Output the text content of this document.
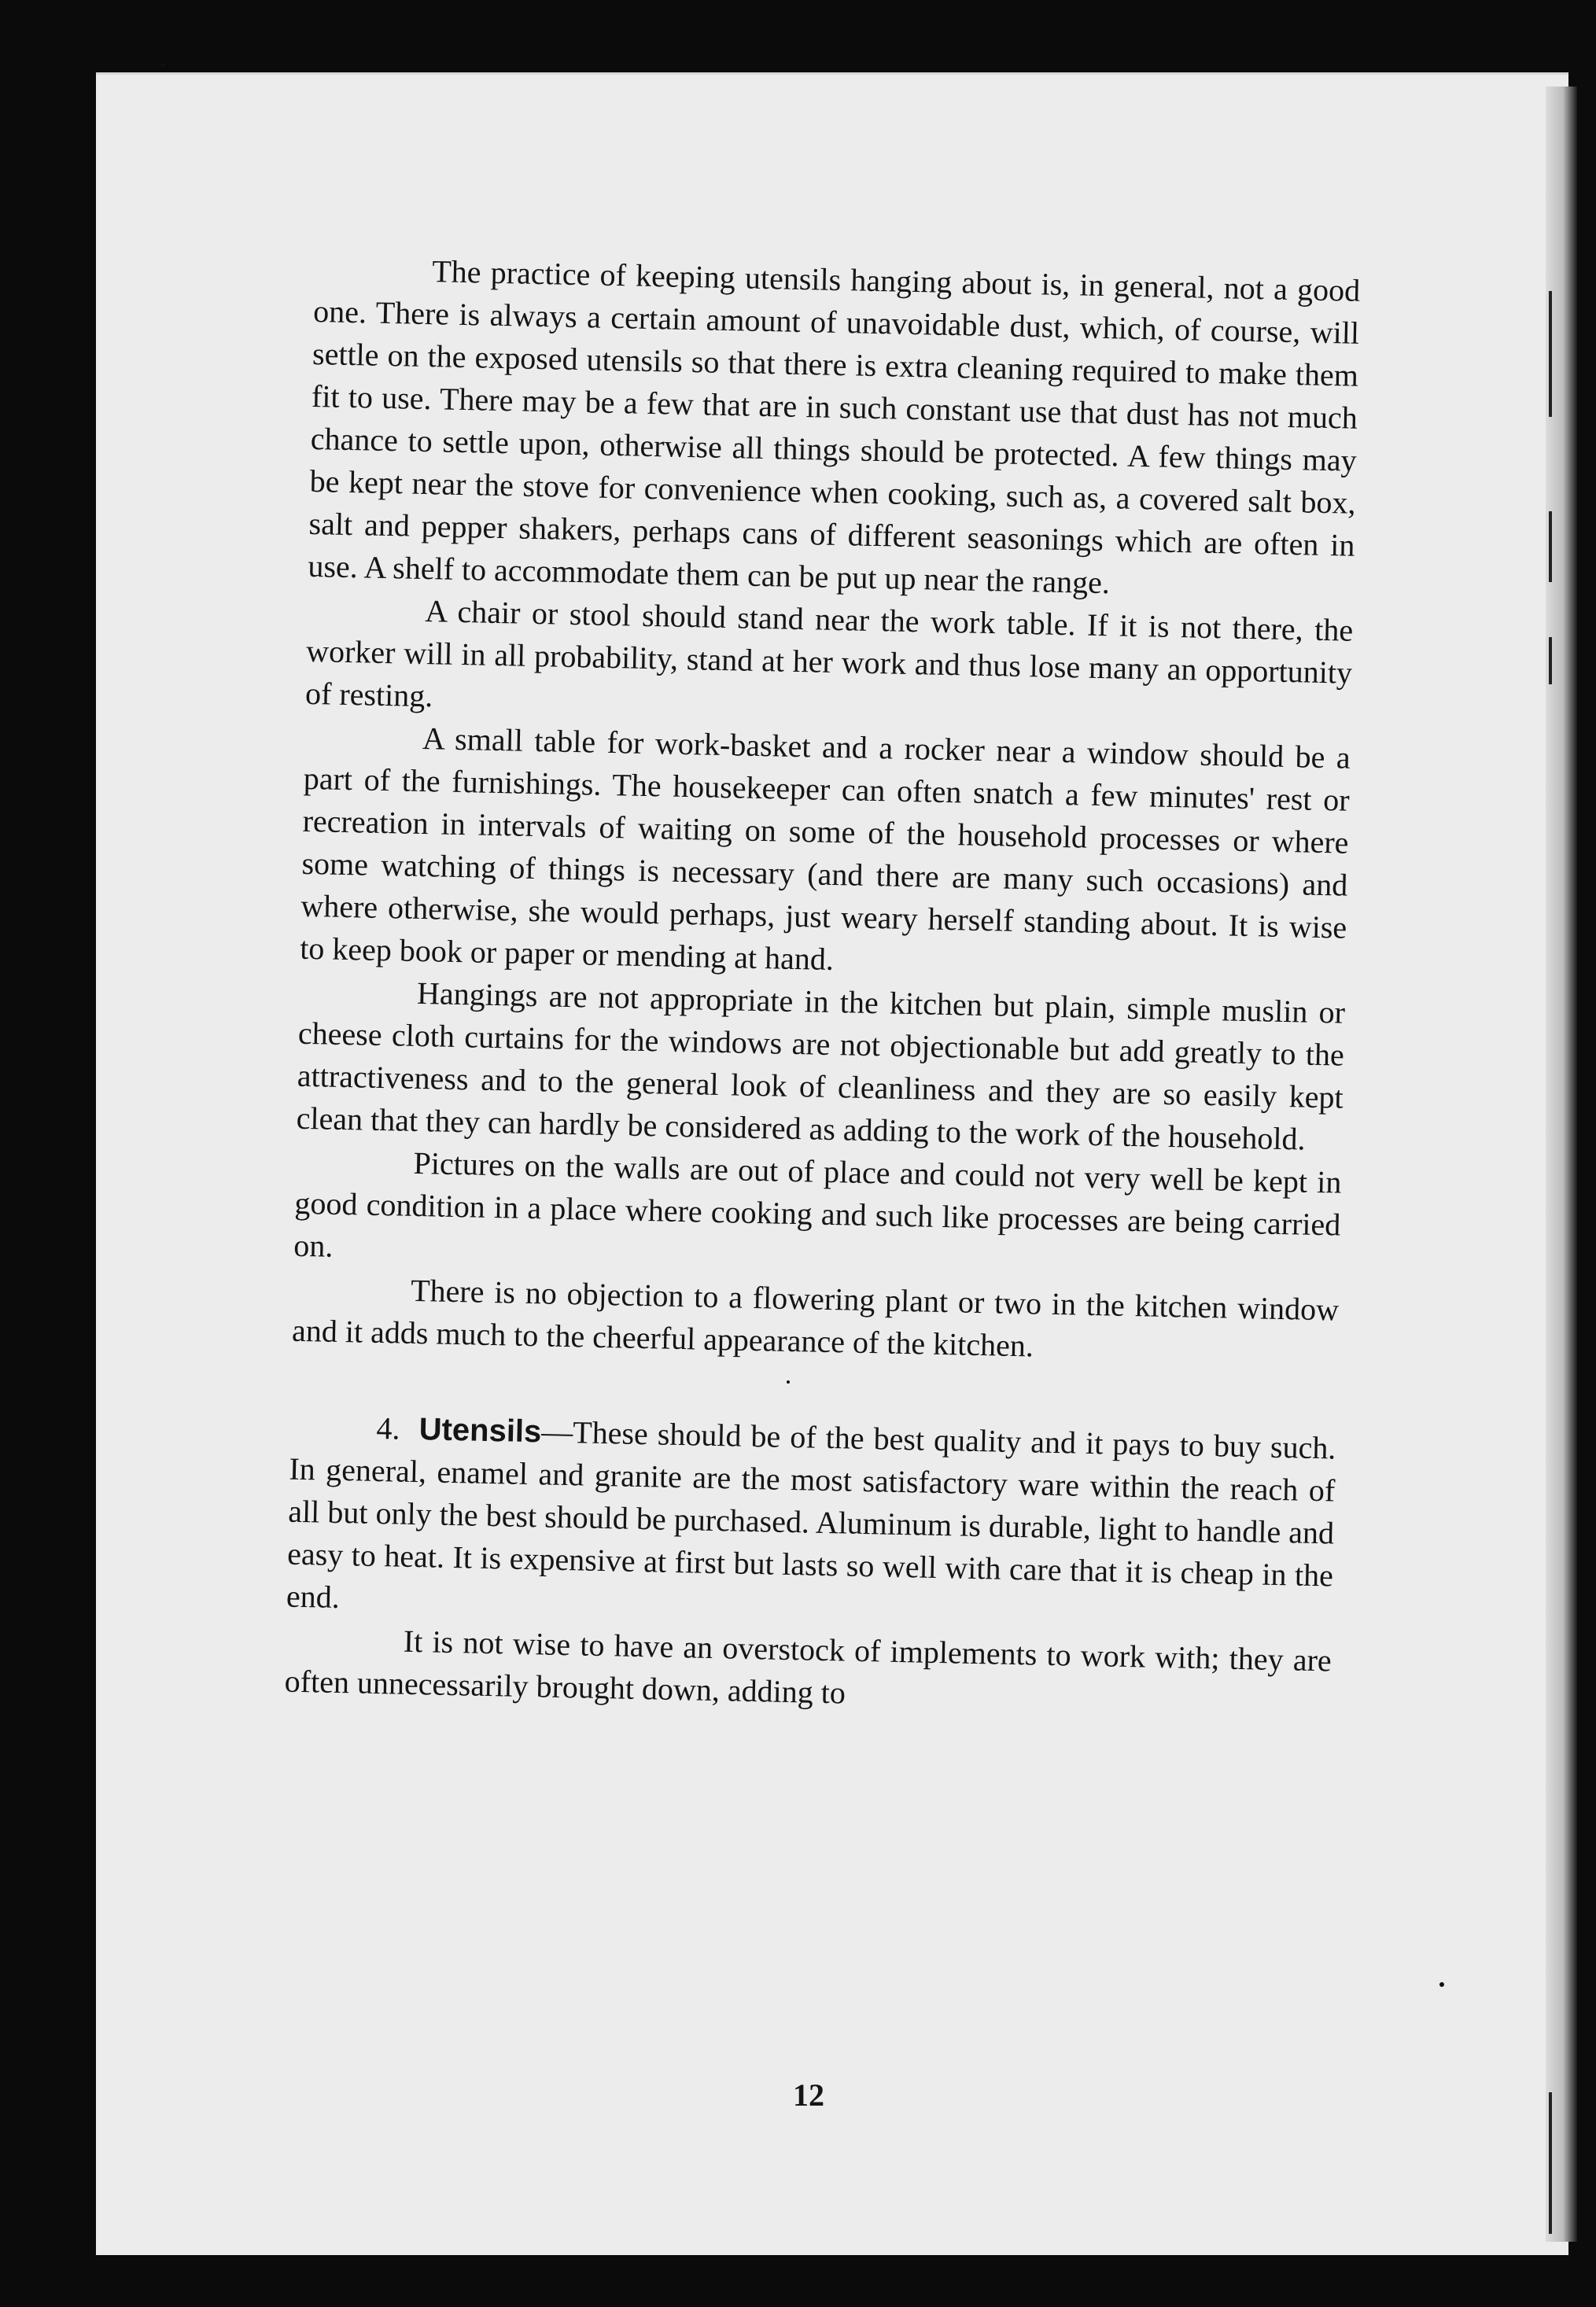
The practice of keeping utensils hanging about is, in general, not a good one. There is always a certain amount of unavoidable dust, which, of course, will settle on the exposed utensils so that there is extra cleaning required to make them fit to use. There may be a few that are in such constant use that dust has not much chance to settle upon, otherwise all things should be protected. A few things may be kept near the stove for convenience when cooking, such as, a covered salt box, salt and pepper shakers, perhaps cans of different seasonings which are often in use. A shelf to accommodate them can be put up near the range.

A chair or stool should stand near the work table. If it is not there, the worker will in all probability, stand at her work and thus lose many an opportunity of resting.

A small table for work-basket and a rocker near a window should be a part of the furnishings. The housekeeper can often snatch a few minutes' rest or recreation in intervals of waiting on some of the household processes or where some watching of things is necessary (and there are many such occasions) and where otherwise, she would perhaps, just weary herself standing about. It is wise to keep book or paper or mending at hand.

Hangings are not appropriate in the kitchen but plain, simple muslin or cheese cloth curtains for the windows are not objectionable but add greatly to the attractiveness and to the general look of cleanliness and they are so easily kept clean that they can hardly be considered as adding to the work of the household.

Pictures on the walls are out of place and could not very well be kept in good condition in a place where cooking and such like processes are being carried on.

There is no objection to a flowering plant or two in the kitchen window and it adds much to the cheerful appearance of the kitchen.

4. Utensils—These should be of the best quality and it pays to buy such. In general, enamel and granite are the most satisfactory ware within the reach of all but only the best should be purchased. Aluminum is durable, light to handle and easy to heat. It is expensive at first but lasts so well with care that it is cheap in the end.

It is not wise to have an overstock of implements to work with; they are often unnecessarily brought down, adding to

12
